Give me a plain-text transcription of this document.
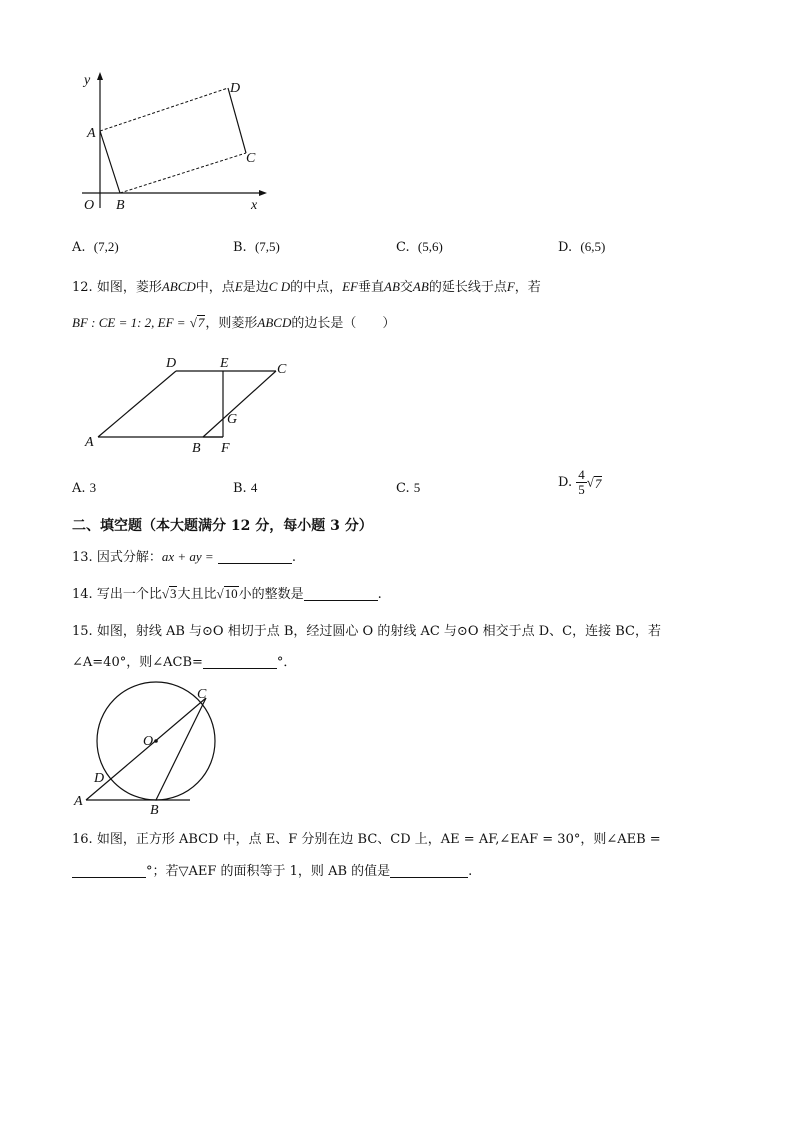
y
x
O
A
B
C
D
A. (7,2)	B. (7,5)	C. (5,6)	D. (6,5)
12. 如图，菱形ABCD中，点E是边C D的中点，EF垂直AB交AB的延长线于点F，若
BF : CE = 1: 2, EF = √7，则菱形ABCD的边长是（　　）
A	B F
D	E	C
G
A. 3	B. 4	C. 5	D. $\frac{4}{5} √7$
二、填空题（本大题满分 12 分，每小题 3 分）
13. 因式分解：ax + ay =	.
14. 写出一个比√3大且比√10小的整数是	.
15. 如图，射线 AB 与⊙O 相切于点 B，经过圆心 O 的射线 AC 与⊙O 相交于点 D、C，连接 BC，若
∠A=40°，则∠ACB=	°．
A
B
C
D
O
16. 如图，正方形 ABCD 中，点 E、F 分别在边 BC、CD 上，AE = AF,∠EAF = 30°，则∠AEB =
°；若▽AEF 的面积等于 1，则 AB 的值是	.
